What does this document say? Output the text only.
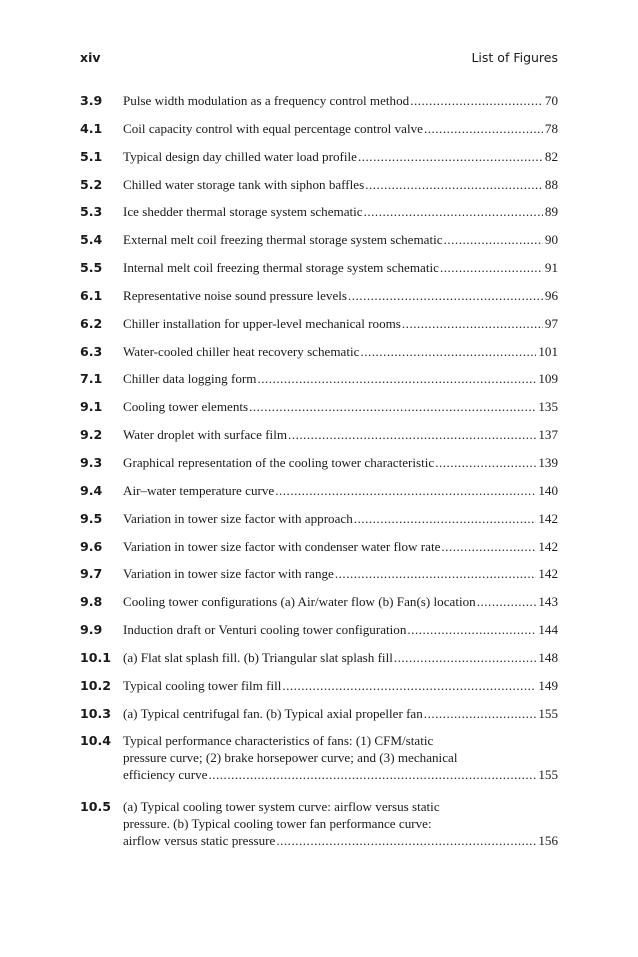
xiv	List of Figures
3.9 Pulse width modulation as a frequency control method .....	70
4.1 Coil capacity control with equal percentage control valve .....	78
5.1 Typical design day chilled water load profile .....	82
5.2 Chilled water storage tank with siphon baffles .....	88
5.3 Ice shedder thermal storage system schematic .....	89
5.4 External melt coil freezing thermal storage system schematic .....	90
5.5 Internal melt coil freezing thermal storage system schematic .....	91
6.1 Representative noise sound pressure levels .....	96
6.2 Chiller installation for upper-level mechanical rooms .....	97
6.3 Water-cooled chiller heat recovery schematic .....	101
7.1 Chiller data logging form .....	109
9.1 Cooling tower elements .....	135
9.2 Water droplet with surface film .....	137
9.3 Graphical representation of the cooling tower characteristic .....	139
9.4 Air–water temperature curve .....	140
9.5 Variation in tower size factor with approach .....	142
9.6 Variation in tower size factor with condenser water flow rate .....	142
9.7 Variation in tower size factor with range .....	142
9.8 Cooling tower configurations (a) Air/water flow (b) Fan(s) location .....	143
9.9 Induction draft or Venturi cooling tower configuration .....	144
10.1 (a) Flat slat splash fill. (b) Triangular slat splash fill .....	148
10.2 Typical cooling tower film fill .....	149
10.3 (a) Typical centrifugal fan. (b) Typical axial propeller fan .....	155
10.4 Typical performance characteristics of fans: (1) CFM/static
pressure curve; (2) brake horsepower curve; and (3) mechanical
efficiency curve .....	155
10.5 (a) Typical cooling tower system curve: airflow versus static
pressure. (b) Typical cooling tower fan performance curve:
airflow versus static pressure .....	156
